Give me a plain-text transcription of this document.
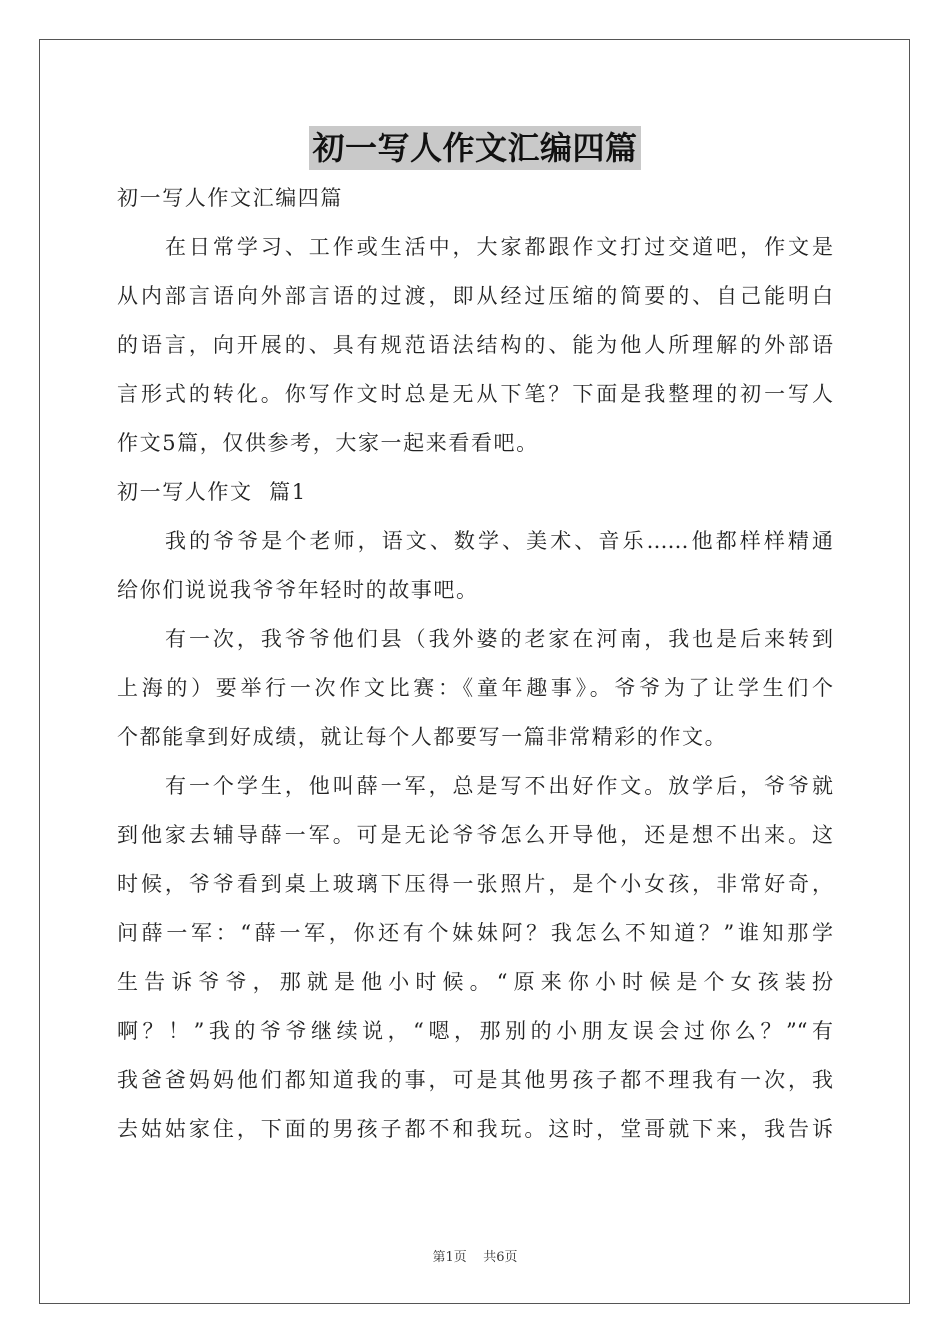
初一写人作文汇编四篇
初一写人作文汇编四篇
在日常学习、工作或生活中，大家都跟作文打过交道吧，作文是
从内部言语向外部言语的过渡，即从经过压缩的简要的、自己能明白
的语言，向开展的、具有规范语法结构的、能为他人所理解的外部语
言形式的转化。你写作文时总是无从下笔？下面是我整理的初一写人
作文5篇，仅供参考，大家一起来看看吧。
初一写人作文  篇1
我的爷爷是个老师，语文、数学、美术、音乐……他都样样精通
给你们说说我爷爷年轻时的故事吧。
有一次，我爷爷他们县（我外婆的老家在河南，我也是后来转到
上海的）要举行一次作文比赛：《童年趣事》。爷爷为了让学生们个
个都能拿到好成绩，就让每个人都要写一篇非常精彩的作文。
有一个学生，他叫薛一军，总是写不出好作文。放学后，爷爷就
到他家去辅导薛一军。可是无论爷爷怎么开导他，还是想不出来。这
时候，爷爷看到桌上玻璃下压得一张照片，是个小女孩，非常好奇，
问薛一军：“薛一军，你还有个妹妹阿？我怎么不知道？”谁知那学
生告诉爷爷，那就是他小时候。“原来你小时候是个女孩装扮
啊？！”我的爷爷继续说，“嗯，那别的小朋友误会过你么？”“有
我爸爸妈妈他们都知道我的事，可是其他男孩子都不理我有一次，我
去姑姑家住，下面的男孩子都不和我玩。这时，堂哥就下来，我告诉
第1页 共6页
